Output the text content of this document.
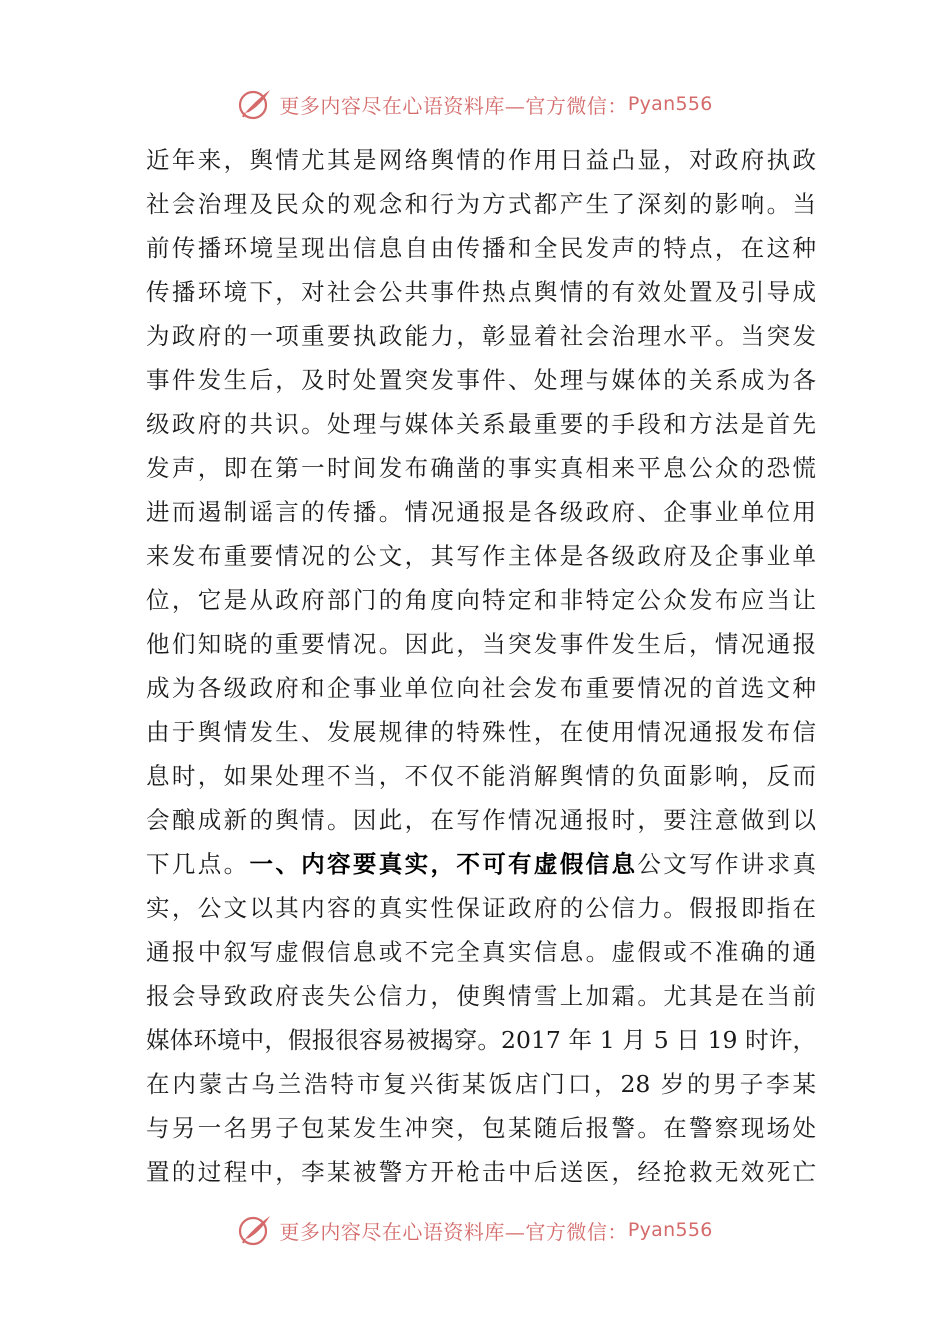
更多内容尽在心语资料库—官方微信： Pyan556
近年来，舆情尤其是网络舆情的作用日益凸显，对政府执政
社会治理及民众的观念和行为方式都产生了深刻的影响。当
前传播环境呈现出信息自由传播和全民发声的特点，在这种
传播环境下，对社会公共事件热点舆情的有效处置及引导成
为政府的一项重要执政能力，彰显着社会治理水平。当突发
事件发生后，及时处置突发事件、处理与媒体的关系成为各
级政府的共识。处理与媒体关系最重要的手段和方法是首先
发声，即在第一时间发布确凿的事实真相来平息公众的恐慌
进而遏制谣言的传播。情况通报是各级政府、企事业单位用
来发布重要情况的公文，其写作主体是各级政府及企事业单
位，它是从政府部门的角度向特定和非特定公众发布应当让
他们知晓的重要情况。因此，当突发事件发生后，情况通报
成为各级政府和企事业单位向社会发布重要情况的首选文种
由于舆情发生、发展规律的特殊性，在使用情况通报发布信
息时，如果处理不当，不仅不能消解舆情的负面影响，反而
会酿成新的舆情。因此，在写作情况通报时，要注意做到以
下几点。一、内容要真实，不可有虚假信息公文写作讲求真
实，公文以其内容的真实性保证政府的公信力。假报即指在
通报中叙写虚假信息或不完全真实信息。虚假或不准确的通
报会导致政府丧失公信力，使舆情雪上加霜。尤其是在当前
媒体环境中，假报很容易被揭穿。2017 年 1 月 5 日 19 时许，
在内蒙古乌兰浩特市复兴街某饭店门口，28 岁的男子李某
与另一名男子包某发生冲突，包某随后报警。在警察现场处
置的过程中，李某被警方开枪击中后送医，经抢救无效死亡
更多内容尽在心语资料库—官方微信： Pyan556
